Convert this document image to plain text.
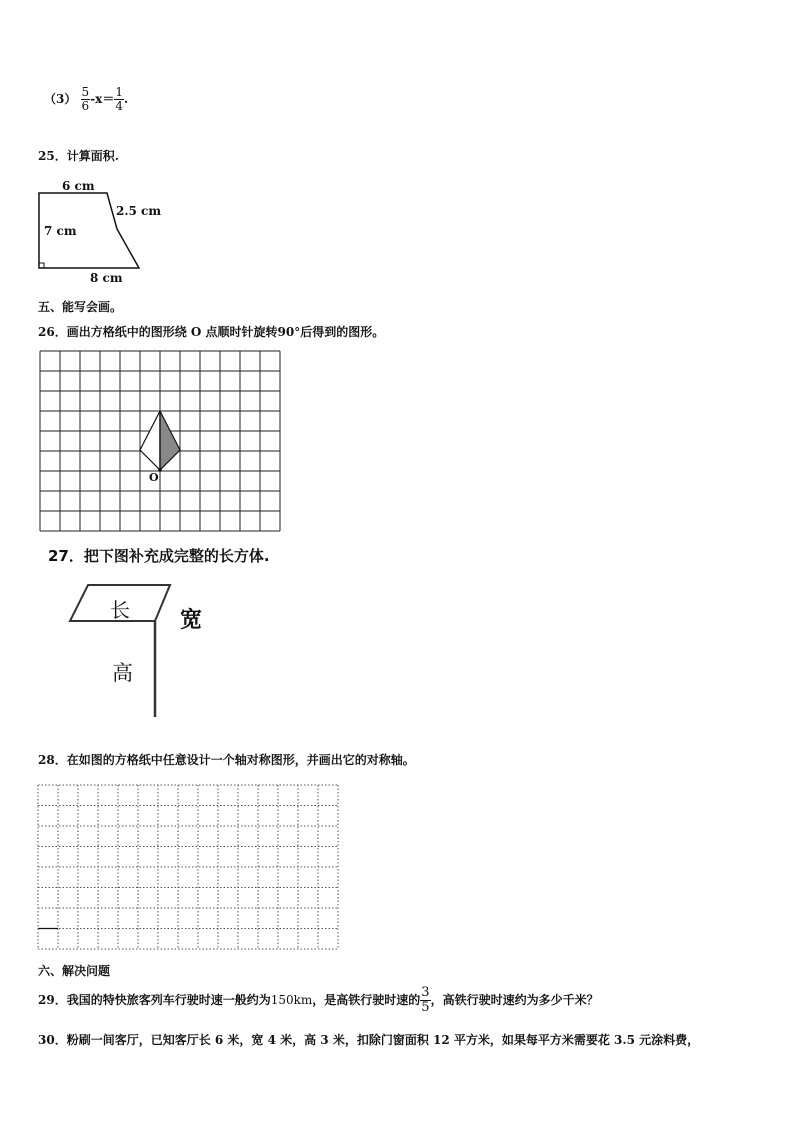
$(3) \frac{5}{6} -x= \frac{1}{4}$ .
25．计算面积.
6 cm
2.5 cm
7 cm
8 cm
五、能写会画。
26．画出方格纸中的图形绕 O 点顺时针旋转90°后得到的图形。
O
27．把下图补充成完整的长方体.
长 宽
高
28．在如图的方格纸中任意设计一个轴对称图形，并画出它的对称轴。
六、解决问题
29．我国的特快旅客列车行驶时速一般约为150km，是高铁行驶时速的 $\frac{3}{5}$ ，高铁行驶时速约为多少千米？
30．粉刷一间客厅，已知客厅长 6 米，宽 4 米，高 3 米，扣除门窗面积 12 平方米，如果每平方米需要花 3.5 元涂料费，
